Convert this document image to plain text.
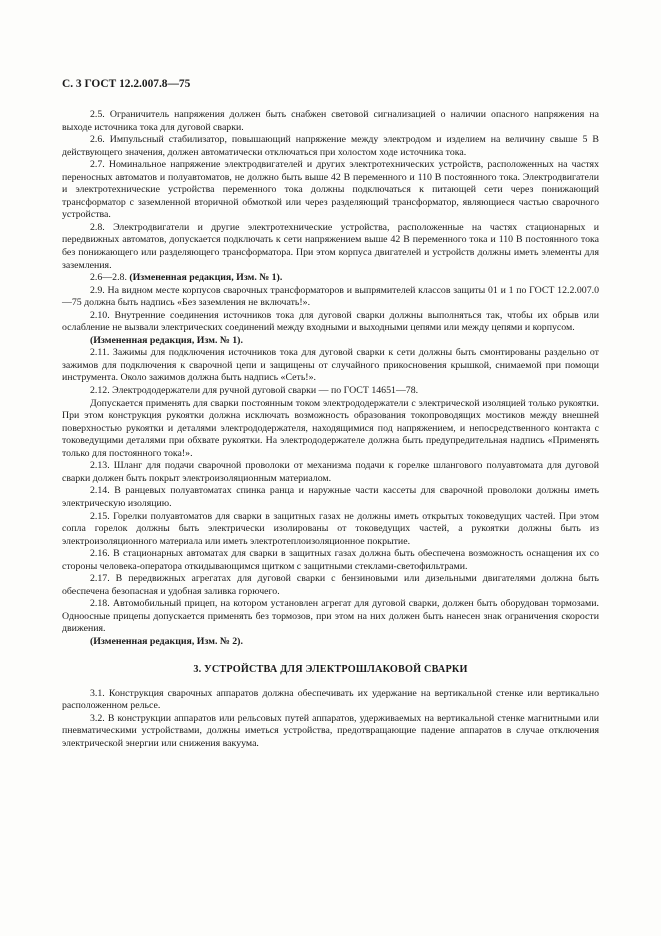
С. 3 ГОСТ 12.2.007.8—75

2.5. Ограничитель напряжения должен быть снабжен световой сигнализацией о наличии опасного напряжения на выходе источника тока для дуговой сварки.

2.6. Импульсный стабилизатор, повышающий напряжение между электродом и изделием на величину свыше 5 В действующего значения, должен автоматически отключаться при холостом ходе источника тока.

2.7. Номинальное напряжение электродвигателей и других электротехнических устройств, расположенных на частях переносных автоматов и полуавтоматов, не должно быть выше 42 В переменного и 110 В постоянного тока. Электродвигатели и электротехнические устройства переменного тока должны подключаться к питающей сети через понижающий трансформатор с заземленной вторичной обмоткой или через разделяющий трансформатор, являющиеся частью сварочного устройства.

2.8. Электродвигатели и другие электротехнические устройства, расположенные на частях стационарных и передвижных автоматов, допускается подключать к сети напряжением выше 42 В переменного тока и 110 В постоянного тока без понижающего или разделяющего трансформатора. При этом корпуса двигателей и устройств должны иметь элементы для заземления.

2.6—2.8. (Измененная редакция, Изм. № 1).

2.9. На видном месте корпусов сварочных трансформаторов и выпрямителей классов защиты 01 и 1 по ГОСТ 12.2.007.0—75 должна быть надпись «Без заземления не включать!».

2.10. Внутренние соединения источников тока для дуговой сварки должны выполняться так, чтобы их обрыв или ослабление не вызвали электрических соединений между входными и выходными цепями или между цепями и корпусом.

(Измененная редакция, Изм. № 1).

2.11. Зажимы для подключения источников тока для дуговой сварки к сети должны быть смонтированы раздельно от зажимов для подключения к сварочной цепи и защищены от случайного прикосновения крышкой, снимаемой при помощи инструмента. Около зажимов должна быть надпись «Сеть!».

2.12. Электрододержатели для ручной дуговой сварки — по ГОСТ 14651—78.

Допускается применять для сварки постоянным током электрододержатели с электрической изоляцией только рукоятки. При этом конструкция рукоятки должна исключать возможность образования токопроводящих мостиков между внешней поверхностью рукоятки и деталями электрододержателя, находящимися под напряжением, и непосредственного контакта с токоведущими деталями при обхвате рукоятки. На электрододержателе должна быть предупредительная надпись «Применять только для постоянного тока!».

2.13. Шланг для подачи сварочной проволоки от механизма подачи к горелке шлангового полуавтомата для дуговой сварки должен быть покрыт электроизоляционным материалом.

2.14. В ранцевых полуавтоматах спинка ранца и наружные части кассеты для сварочной проволоки должны иметь электрическую изоляцию.

2.15. Горелки полуавтоматов для сварки в защитных газах не должны иметь открытых токоведущих частей. При этом сопла горелок должны быть электрически изолированы от токоведущих частей, а рукоятки должны быть из электроизоляционного материала или иметь электротеплоизоляционное покрытие.

2.16. В стационарных автоматах для сварки в защитных газах должна быть обеспечена возможность оснащения их со стороны человека-оператора откидывающимся щитком с защитными стеклами-светофильтрами.

2.17. В передвижных агрегатах для дуговой сварки с бензиновыми или дизельными двигателями должна быть обеспечена безопасная и удобная заливка горючего.

2.18. Автомобильный прицеп, на котором установлен агрегат для дуговой сварки, должен быть оборудован тормозами. Одноосные прицепы допускается применять без тормозов, при этом на них должен быть нанесен знак ограничения скорости движения.

(Измененная редакция, Изм. № 2).

3. УСТРОЙСТВА ДЛЯ ЭЛЕКТРОШЛАКОВОЙ СВАРКИ

3.1. Конструкция сварочных аппаратов должна обеспечивать их удержание на вертикальной стенке или вертикально расположенном рельсе.

3.2. В конструкции аппаратов или рельсовых путей аппаратов, удерживаемых на вертикальной стенке магнитными или пневматическими устройствами, должны иметься устройства, предотвращающие падение аппаратов в случае отключения электрической энергии или снижения вакуума.
